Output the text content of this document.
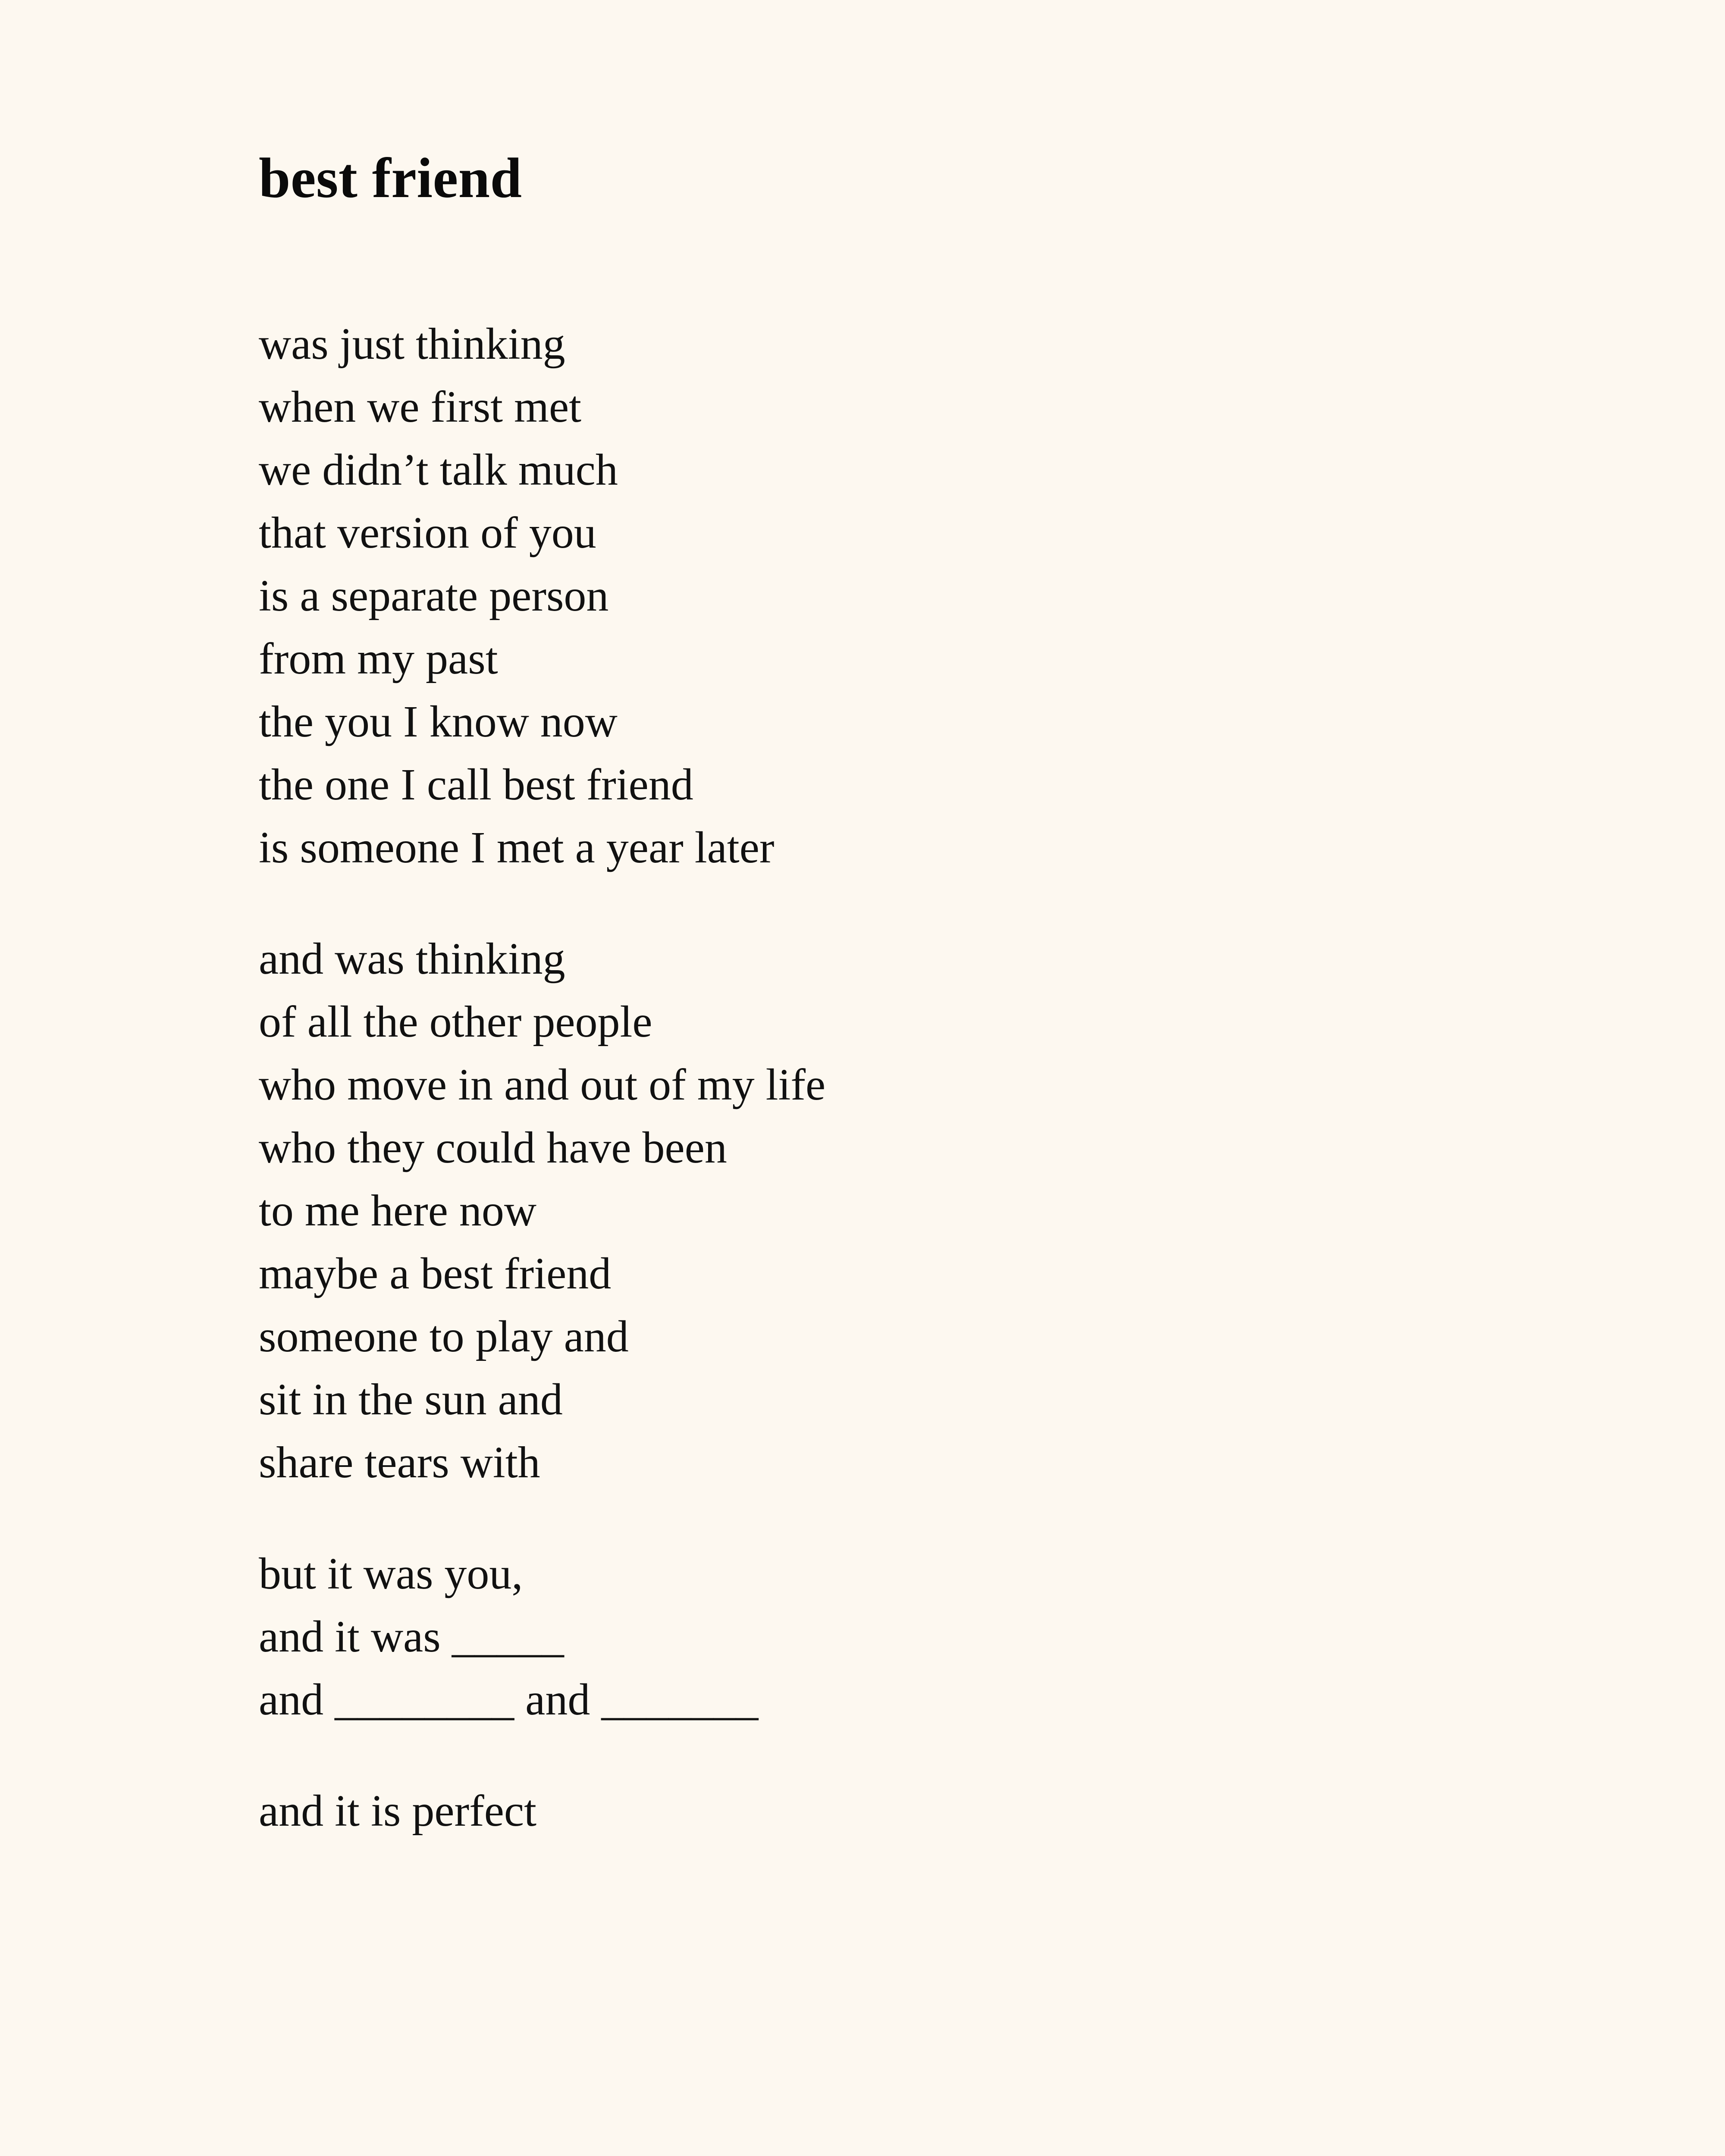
best friend
was just thinking
when we first met
we didn’t talk much
that version of you
is a separate person
from my past
the you I know now
the one I call best friend
is someone I met a year later
and was thinking
of all the other people
who move in and out of my life
who they could have been
to me here now
maybe a best friend
someone to play and
sit in the sun and
share tears with
but it was you,
and it was _____
and ________ and _______
and it is perfect
